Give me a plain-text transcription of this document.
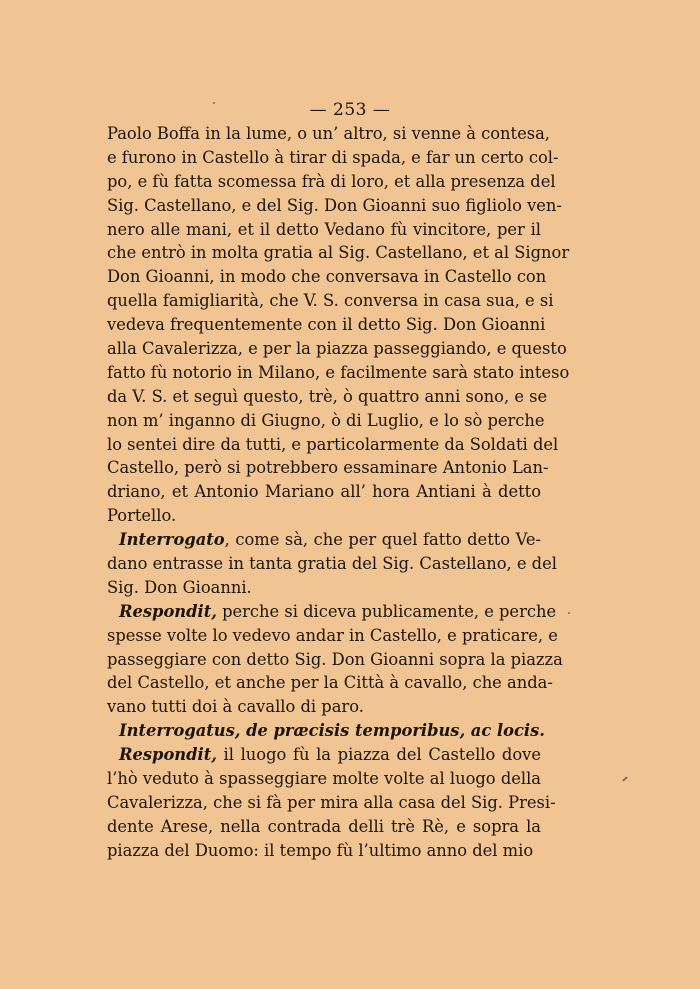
— 253 —
Paolo Boffa in la lume, o un’ altro, si venne à contesa,
e furono in Castello à tirar di spada, e far un certo col-
po, e fù fatta scomessa frà di loro, et alla presenza del
Sig. Castellano, e del Sig. Don Gioanni suo figliolo ven-
nero alle mani, et il detto Vedano fù vincitore, per il
che entrò in molta gratia al Sig. Castellano, et al Signor
Don Gioanni, in modo che conversava in Castello con
quella famigliarità, che V. S. conversa in casa sua, e si
vedeva frequentemente con il detto Sig. Don Gioanni
alla Cavalerizza, e per la piazza passeggiando, e questo
fatto fù notorio in Milano, e facilmente sarà stato inteso
da V. S. et seguì questo, trè, ò quattro anni sono, e se
non m’ inganno di Giugno, ò di Luglio, e lo sò perche
lo sentei dire da tutti, e particolarmente da Soldati del
Castello, però si potrebbero essaminare Antonio Lan-
driano, et Antonio Mariano all’ hora Antiani à detto
Portello.
Interrogato, come sà, che per quel fatto detto Ve-
dano entrasse in tanta gratia del Sig. Castellano, e del
Sig. Don Gioanni.
Respondit, perche si diceva publicamente, e perche
spesse volte lo vedevo andar in Castello, e praticare, e
passeggiare con detto Sig. Don Gioanni sopra la piazza
del Castello, et anche per la Città à cavallo, che anda-
vano tutti doi à cavallo di paro.
Interrogatus, de præcisis temporibus, ac locis.
Respondit, il luogo fù la piazza del Castello dove
l’hò veduto à spasseggiare molte volte al luogo della
Cavalerizza, che si fà per mira alla casa del Sig. Presi-
dente Arese, nella contrada delli trè Rè, e sopra la
piazza del Duomo: il tempo fù l’ultimo anno del mio
